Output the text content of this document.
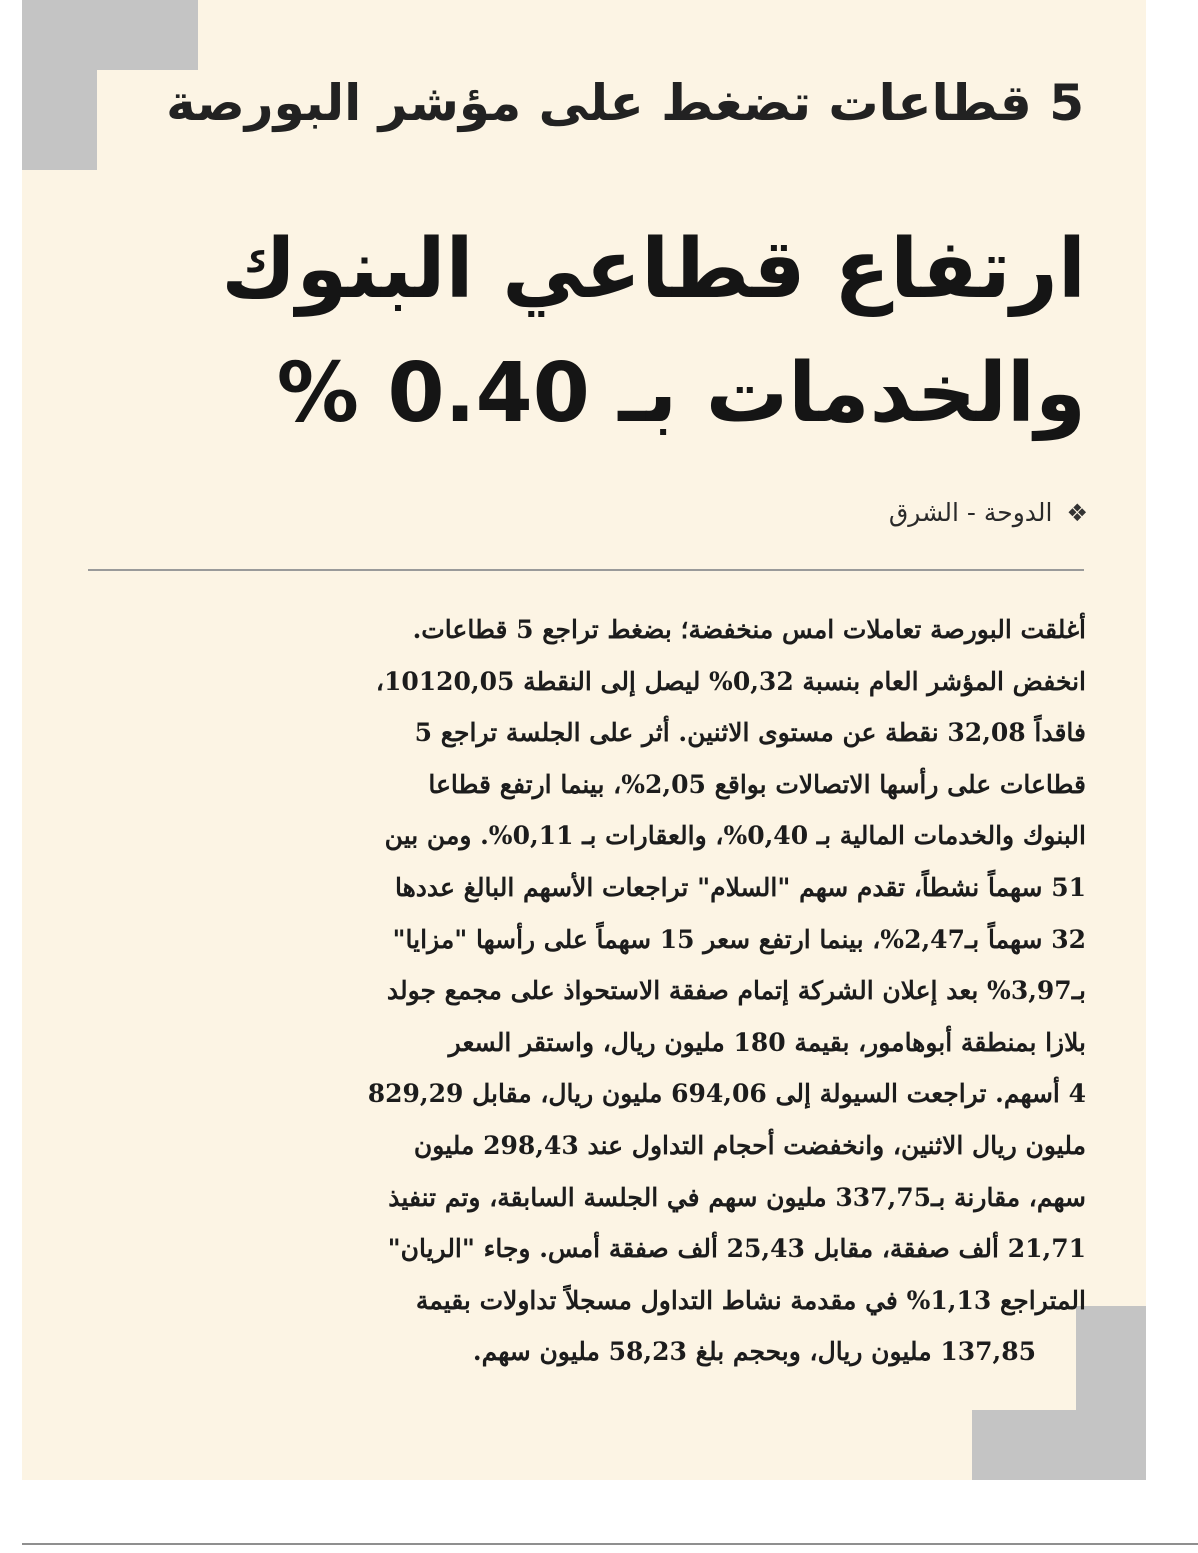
5 قطاعات تضغط على مؤشر البورصة
ارتفاع قطاعي البنوك
والخدمات بـ 0.40 %
❖الدوحة - الشرق
أغلقت البورصة تعاملات امس منخفضة؛ بضغط تراجع 5 قطاعات.
انخفض المؤشر العام بنسبة 0,32% ليصل إلى النقطة 10120,05،
فاقداً 32,08 نقطة عن مستوى الاثنين. أثر على الجلسة تراجع 5
قطاعات على رأسها الاتصالات بواقع 2,05%، بينما ارتفع قطاعا
البنوك والخدمات المالية بـ 0,40%، والعقارات بـ 0,11%. ومن بين
51 سهماً نشطاً، تقدم سهم "السلام" تراجعات الأسهم البالغ عددها
32 سهماً بـ2,47%، بينما ارتفع سعر 15 سهماً على رأسها "مزايا"
بـ3,97% بعد إعلان الشركة إتمام صفقة الاستحواذ على مجمع جولد
بلازا بمنطقة أبوهامور، بقيمة 180 مليون ريال، واستقر السعر
4 أسهم. تراجعت السيولة إلى 694,06 مليون ريال، مقابل 829,29
مليون ريال الاثنين، وانخفضت أحجام التداول عند 298,43 مليون
سهم، مقارنة بـ337,75 مليون سهم في الجلسة السابقة، وتم تنفيذ
21,71 ألف صفقة، مقابل 25,43 ألف صفقة أمس. وجاء "الريان"
المتراجع 1,13% في مقدمة نشاط التداول مسجلاً تداولات بقيمة
137,85 مليون ريال، وبحجم بلغ 58,23 مليون سهم.
